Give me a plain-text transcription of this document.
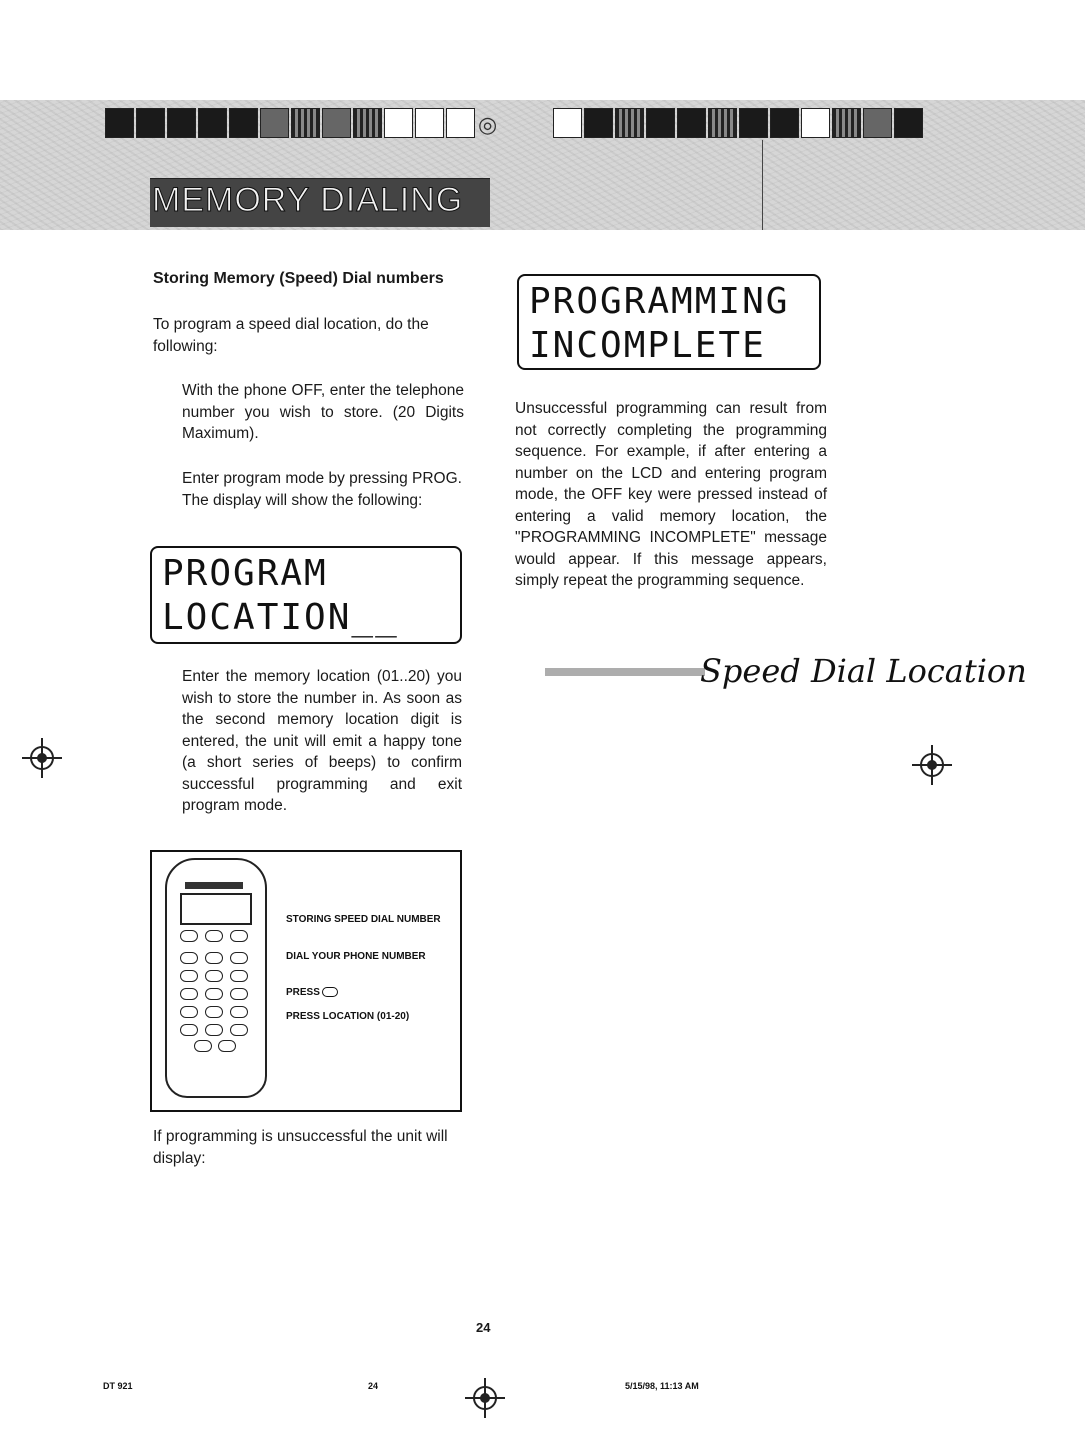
◎
MEMORY DIALING
Storing Memory (Speed) Dial numbers
To program a speed dial location, do the following:
With the phone OFF, enter the telephone number you wish to store. (20 Digits Maximum).
Enter program mode by pressing PROG. The display will show the following:
PROGRAM
LOCATION__
Enter the memory location (01..20) you wish to store the number in. As soon as the second memory location digit is entered, the unit will emit a happy tone (a short series of beeps) to confirm successful programming and exit program mode.
STORING SPEED DIAL NUMBER
DIAL YOUR PHONE NUMBER
PRESS
PRESS LOCATION (01-20)
If programming is unsuccessful the unit will display:
PROGRAMMING
INCOMPLETE
Unsuccessful programming can result from not correctly completing the programming sequence. For example, if after entering a number on the LCD and entering program mode, the OFF key were pressed instead of entering a valid memory location, the "PROGRAMMING INCOMPLETE" message would appear. If this message appears, simply repeat the programming sequence.
Speed Dial Location
24
DT 921	24	5/15/98, 11:13 AM
